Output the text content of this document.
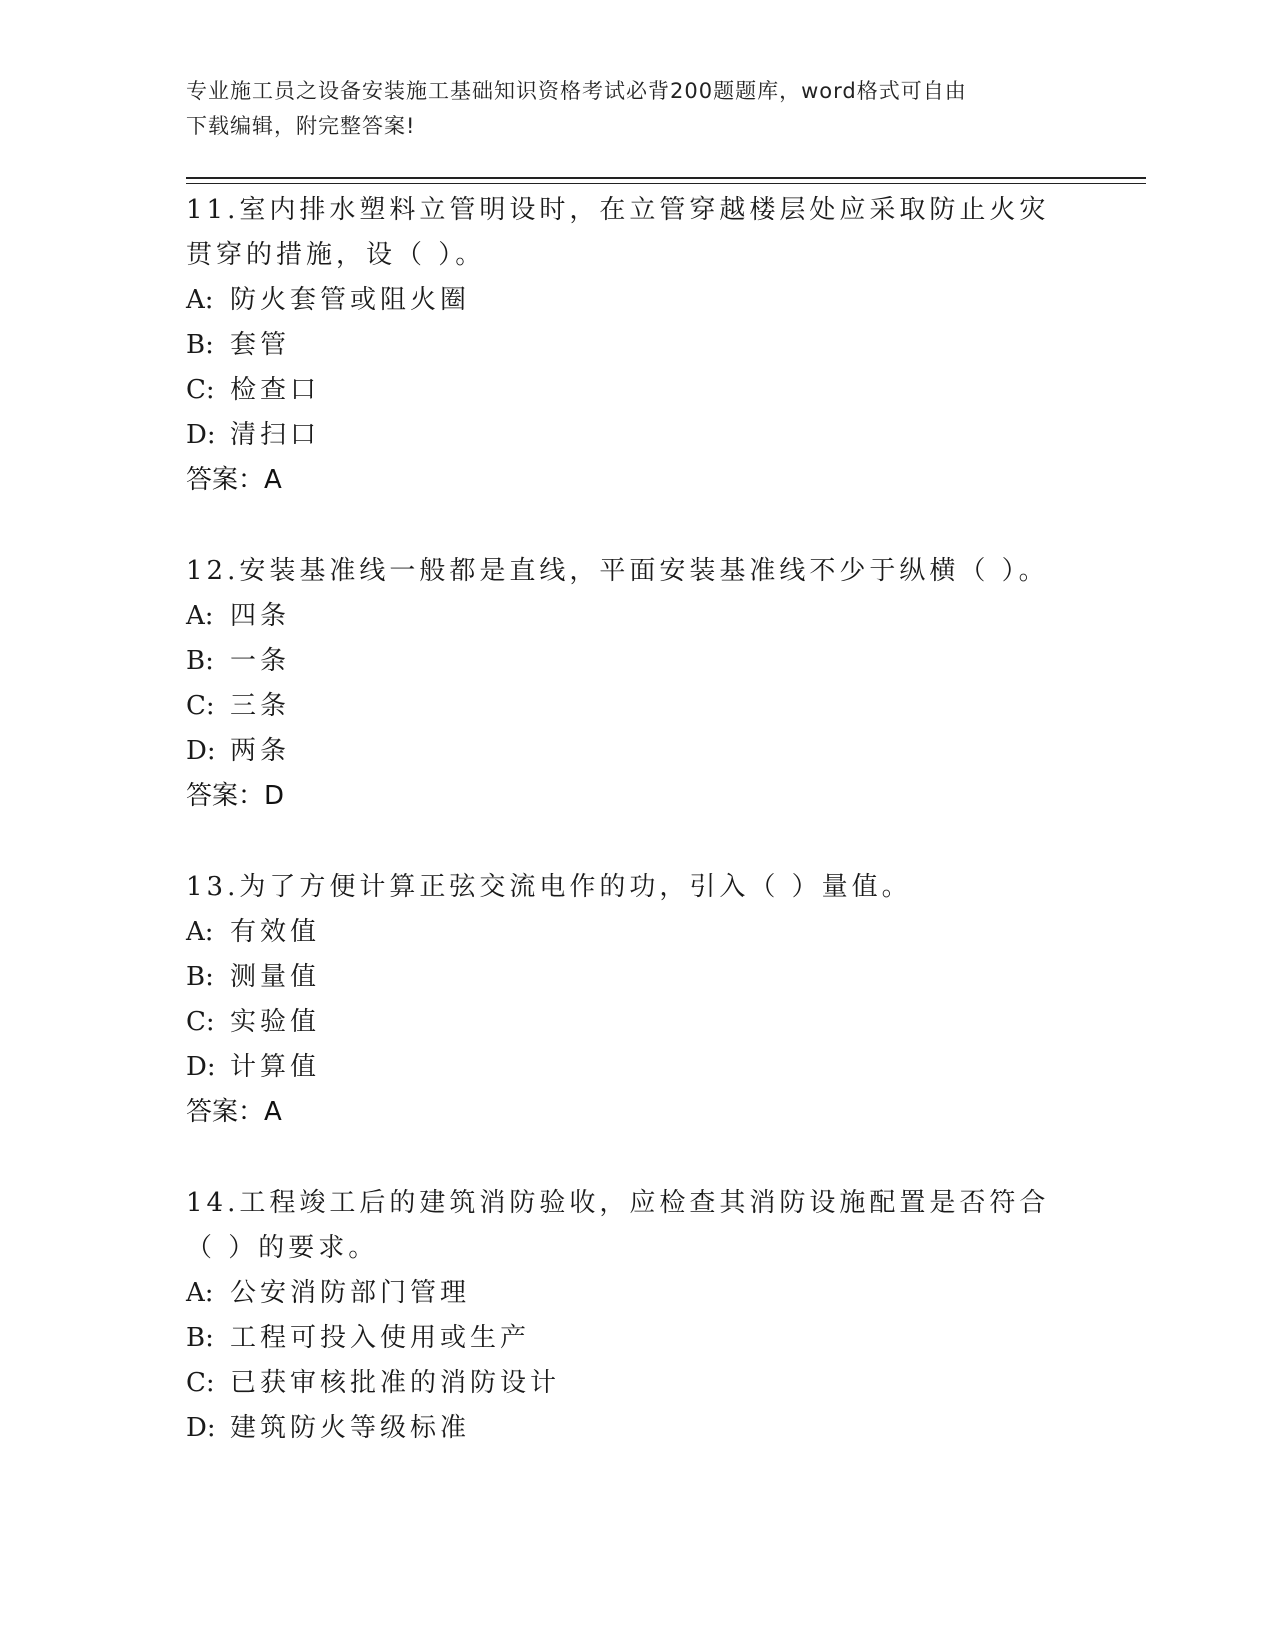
专业施工员之设备安装施工基础知识资格考试必背200题题库，word格式可自由
下载编辑，附完整答案!
11.室内排水塑料立管明设时，在立管穿越楼层处应采取防止火灾贯穿的措施，设（ ）。
A: 防火套管或阻火圈
B: 套管
C: 检查口
D: 清扫口
答案：A
12.安装基准线一般都是直线，平面安装基准线不少于纵横（ ）。
A: 四条
B: 一条
C: 三条
D: 两条
答案：D
13.为了方便计算正弦交流电作的功，引入（ ）量值。
A: 有效值
B: 测量值
C: 实验值
D: 计算值
答案：A
14.工程竣工后的建筑消防验收，应检查其消防设施配置是否符合（ ）的要求。
A: 公安消防部门管理
B: 工程可投入使用或生产
C: 已获审核批准的消防设计
D: 建筑防火等级标准
